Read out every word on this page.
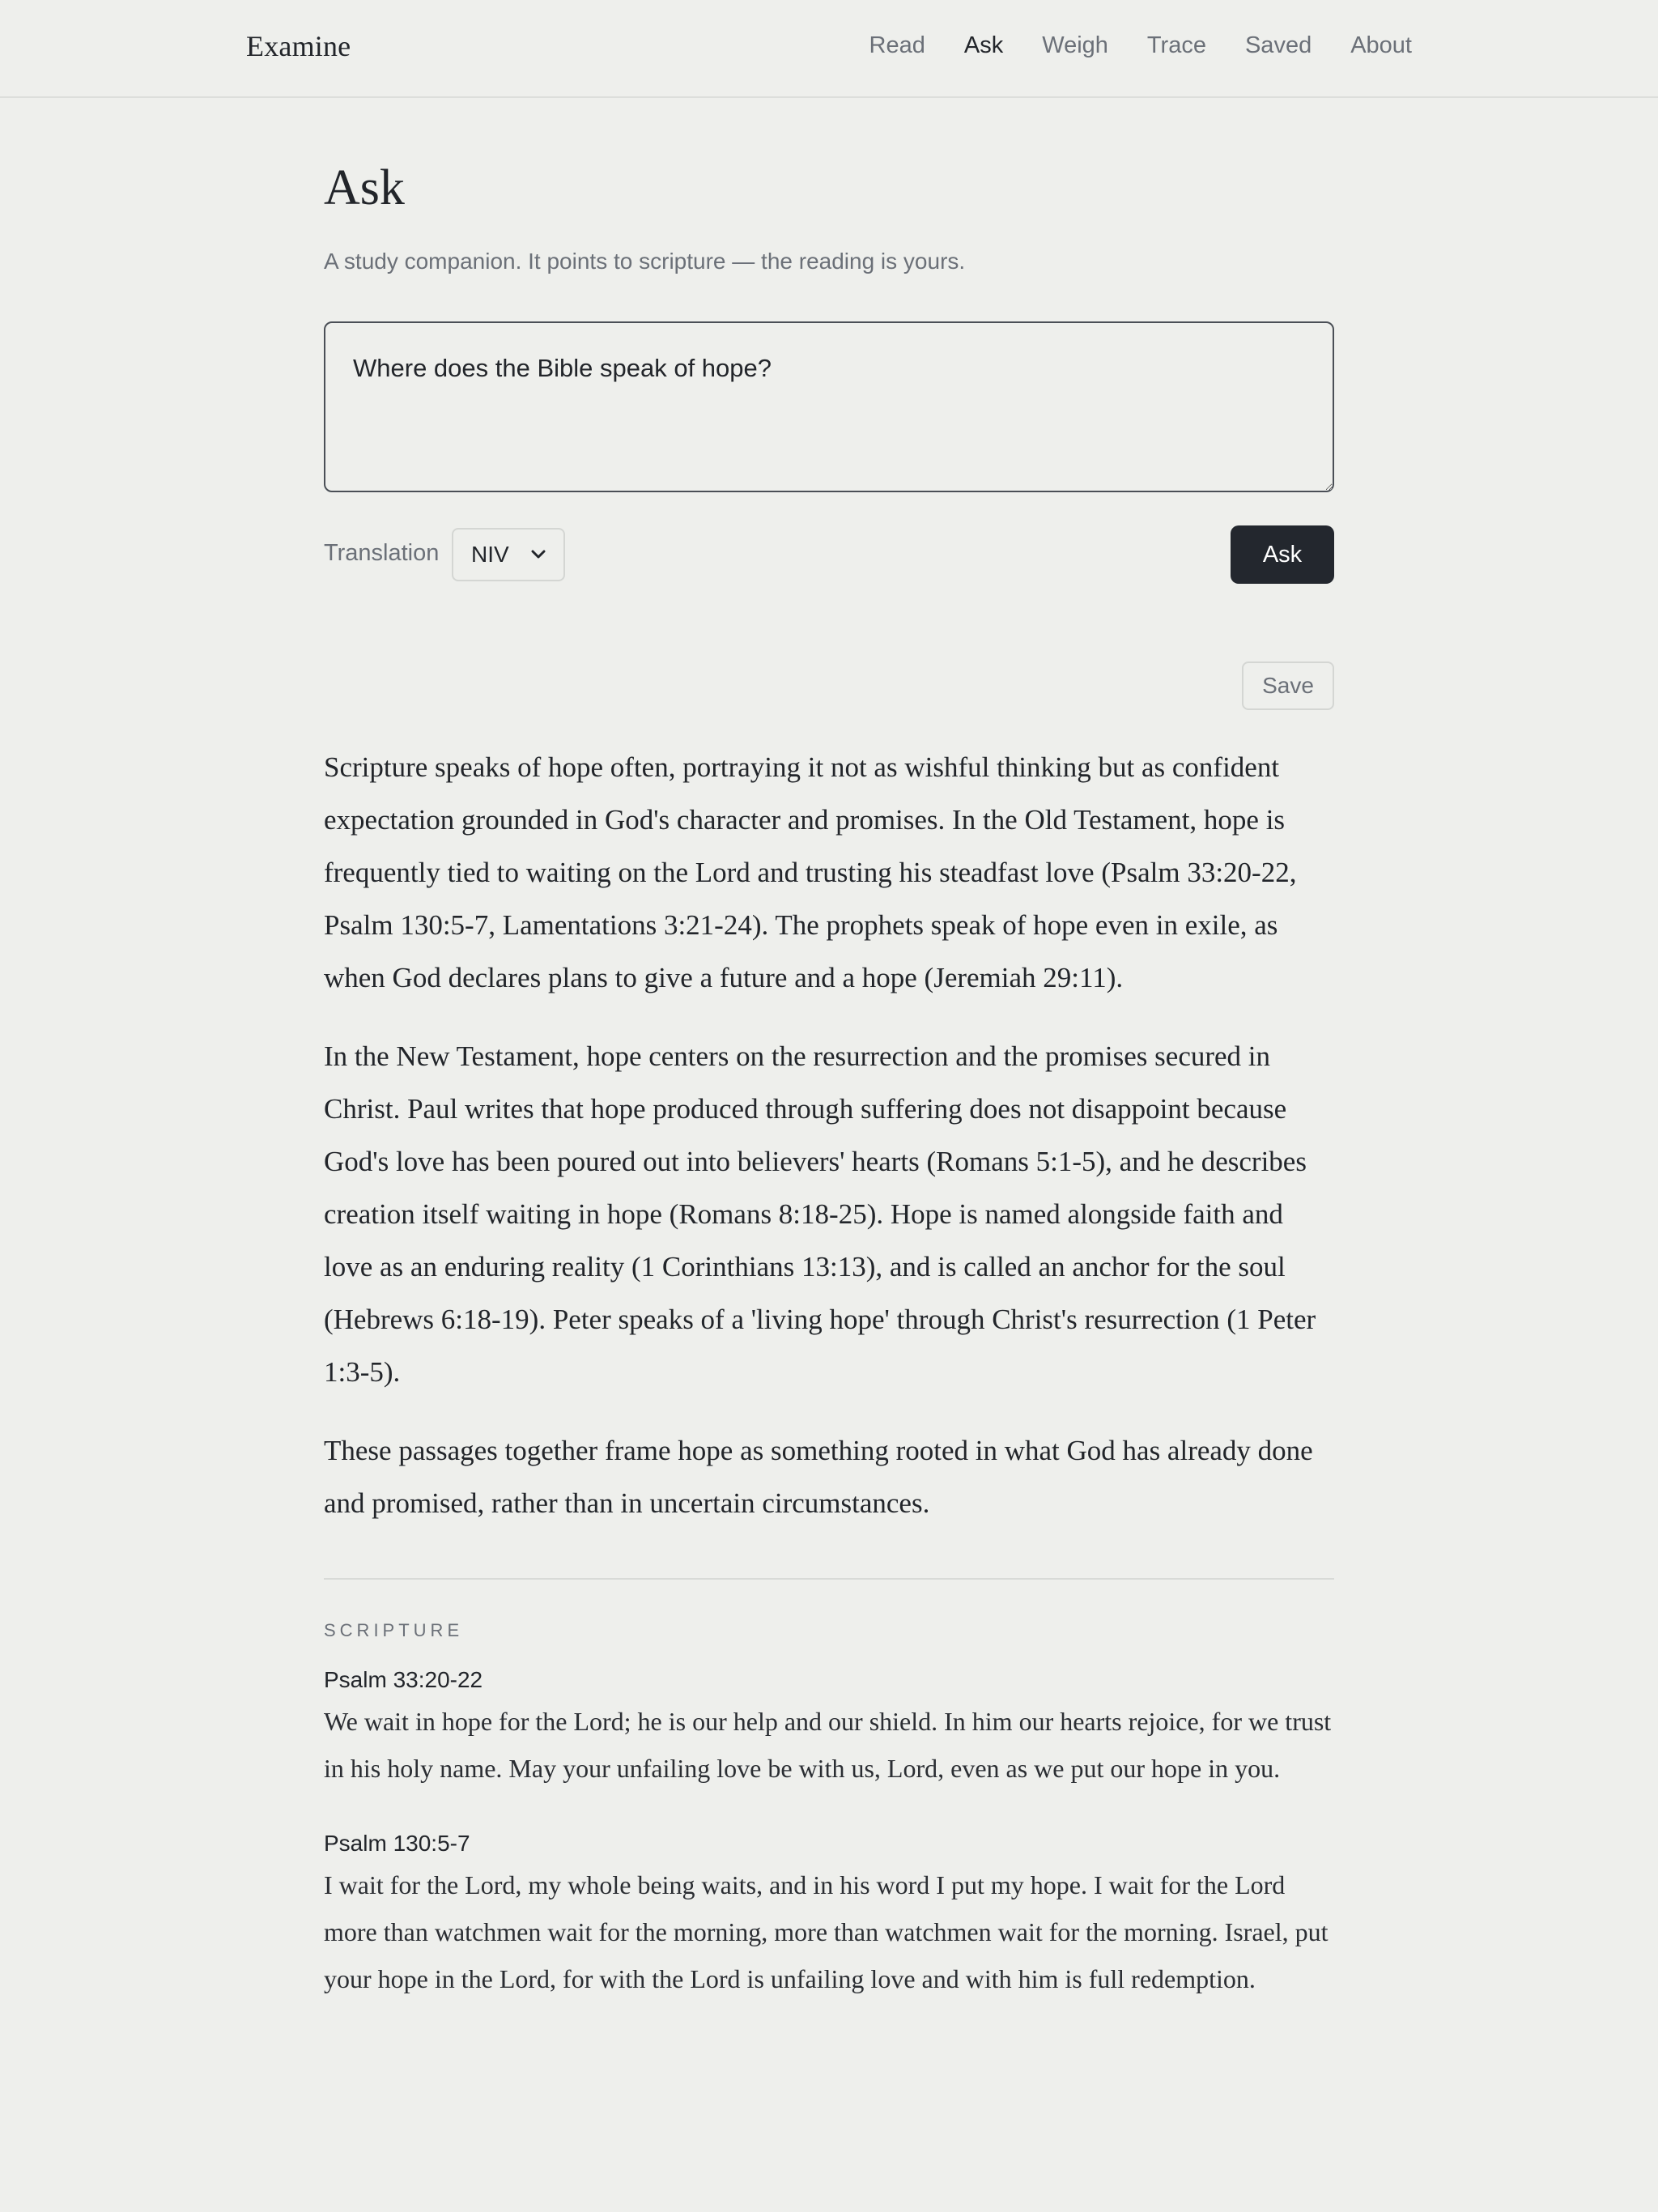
Examine	Read Ask Weigh Trace Saved About
Ask
A study companion. It points to scripture — the reading is yours.
Where does the Bible speak of hope?
Translation NIV	Ask
Save

Scripture speaks of hope often, portraying it not as wishful thinking but as confident expectation grounded in God's character and promises. In the Old Testament, hope is frequently tied to waiting on the Lord and trusting his steadfast love (Psalm 33:20-22, Psalm 130:5-7, Lamentations 3:21-24). The prophets speak of hope even in exile, as when God declares plans to give a future and a hope (Jeremiah 29:11).

In the New Testament, hope centers on the resurrection and the promises secured in Christ. Paul writes that hope produced through suffering does not disappoint because God's love has been poured out into believers' hearts (Romans 5:1-5), and he describes creation itself waiting in hope (Romans 8:18-25). Hope is named alongside faith and love as an enduring reality (1 Corinthians 13:13), and is called an anchor for the soul (Hebrews 6:18-19). Peter speaks of a 'living hope' through Christ's resurrection (1 Peter 1:3-5).

These passages together frame hope as something rooted in what God has already done and promised, rather than in uncertain circumstances.

SCRIPTURE
Psalm 33:20-22
We wait in hope for the Lord; he is our help and our shield. In him our hearts rejoice, for we trust in his holy name. May your unfailing love be with us, Lord, even as we put our hope in you.
Psalm 130:5-7
I wait for the Lord, my whole being waits, and in his word I put my hope. I wait for the Lord more than watchmen wait for the morning, more than watchmen wait for the morning. Israel, put your hope in the Lord, for with the Lord is unfailing love and with him is full redemption.
